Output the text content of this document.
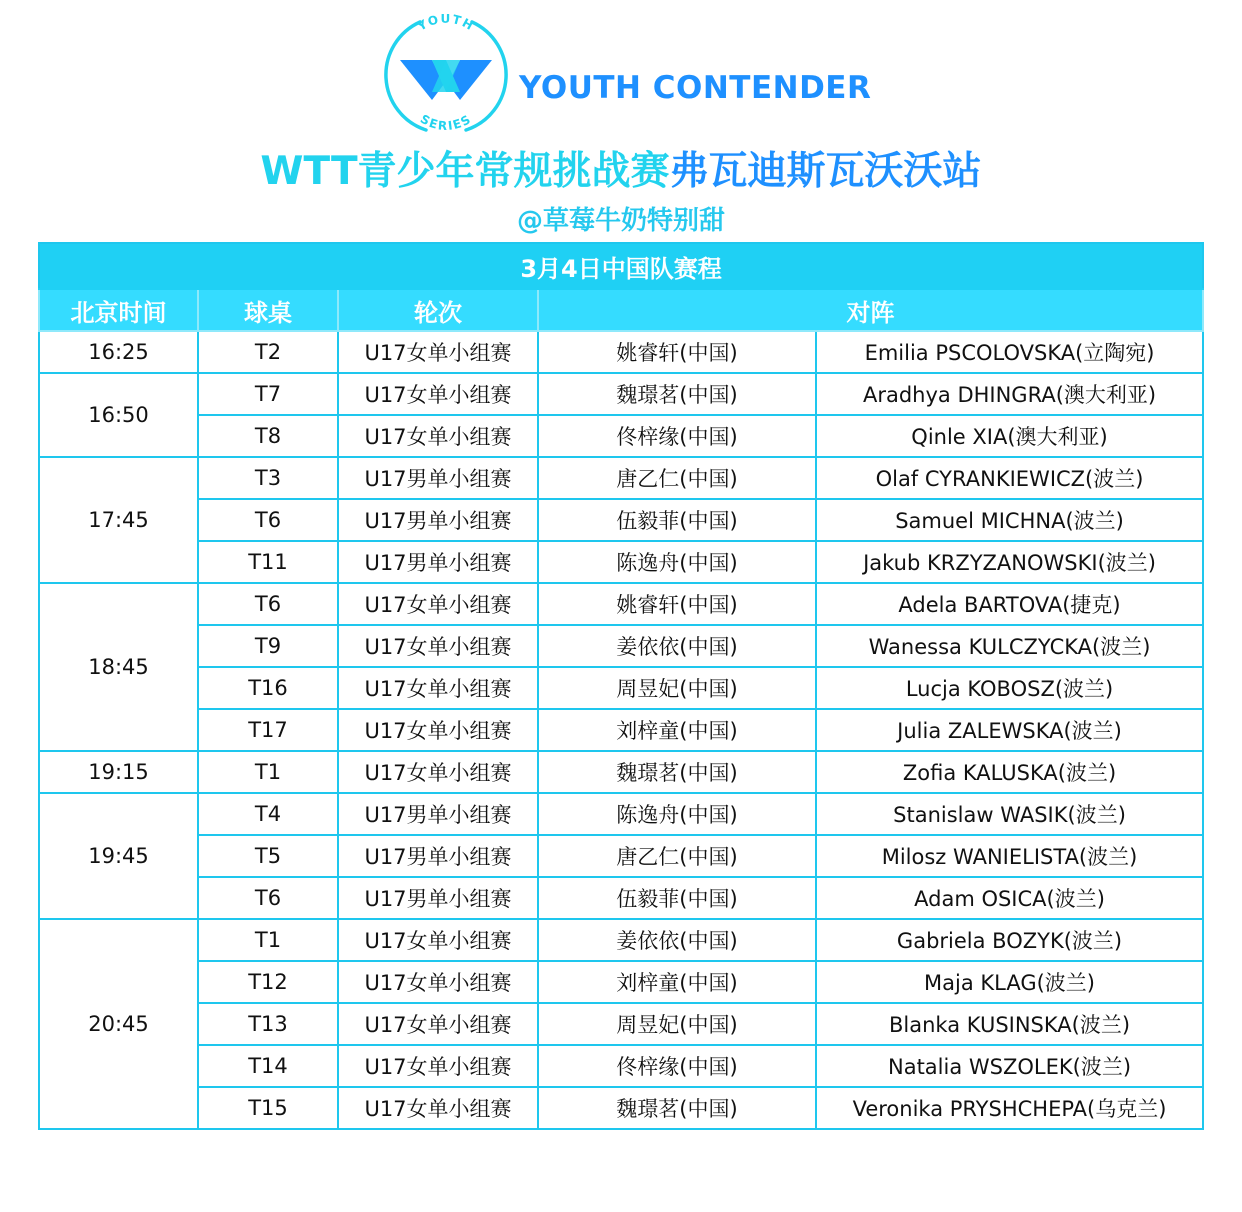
YOUTH
SERIES
YOUTH CONTENDER
WTT青少年常规挑战赛弗瓦迪斯瓦沃沃站
@草莓牛奶特别甜
3月4日中国队赛程				
北京时间	球桌	轮次	对阵	
16:25	T2	U17女单小组赛	姚睿轩(中国)	Emilia PSCOLOVSKA(立陶宛)
16:50	T7	U17女单小组赛	魏璟茗(中国)	Aradhya DHINGRA(澳大利亚)
	T8	U17女单小组赛	佟梓缘(中国)	Qinle XIA(澳大利亚)
17:45	T3	U17男单小组赛	唐乙仁(中国)	Olaf CYRANKIEWICZ(波兰)
	T6	U17男单小组赛	伍毅菲(中国)	Samuel MICHNA(波兰)
	T11	U17男单小组赛	陈逸舟(中国)	Jakub KRZYZANOWSKI(波兰)
18:45	T6	U17女单小组赛	姚睿轩(中国)	Adela BARTOVA(捷克)
	T9	U17女单小组赛	姜依依(中国)	Wanessa KULCZYCKA(波兰)
	T16	U17女单小组赛	周昱妃(中国)	Lucja KOBOSZ(波兰)
	T17	U17女单小组赛	刘梓童(中国)	Julia ZALEWSKA(波兰)
19:15	T1	U17女单小组赛	魏璟茗(中国)	Zofia KALUSKA(波兰)
19:45	T4	U17男单小组赛	陈逸舟(中国)	Stanislaw WASIK(波兰)
	T5	U17男单小组赛	唐乙仁(中国)	Milosz WANIELISTA(波兰)
	T6	U17男单小组赛	伍毅菲(中国)	Adam OSICA(波兰)
20:45	T1	U17女单小组赛	姜依依(中国)	Gabriela BOZYK(波兰)
	T12	U17女单小组赛	刘梓童(中国)	Maja KLAG(波兰)
	T13	U17女单小组赛	周昱妃(中国)	Blanka KUSINSKA(波兰)
	T14	U17女单小组赛	佟梓缘(中国)	Natalia WSZOLEK(波兰)
	T15	U17女单小组赛	魏璟茗(中国)	Veronika PRYSHCHEPA(乌克兰)
